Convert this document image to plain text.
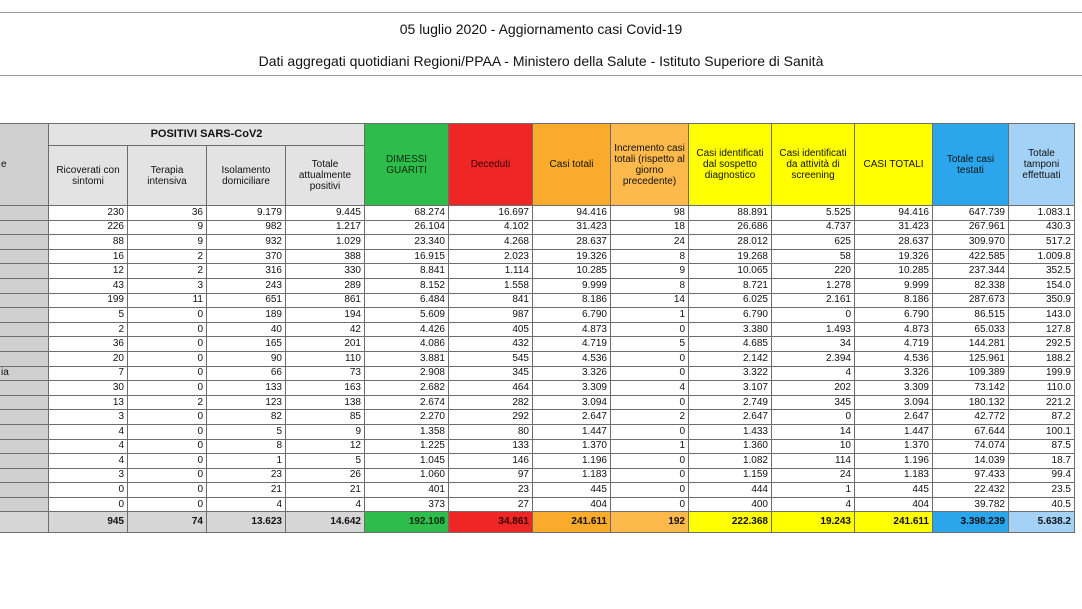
05 luglio 2020 - Aggiornamento casi Covid-19
Dati aggregati quotidiani Regioni/PPAA - Ministero della Salute - Istituto Superiore di Sanità
e	POSITIVI SARS-CoV2				DIMESSI GUARITI	Deceduti	Casi totali	Incremento casi totali (rispetto al giorno precedente)	Casi identificati dal sospetto diagnostico	Casi identificati da attività di screening	CASI TOTALI	Totale casi testati	Totale tamponi effettuati
	Ricoverati con sintomi	Terapia intensiva	Isolamento domiciliare	Totale attualmente positivi									
	230	36	9.179	9.445	68.274	16.697	94.416	98	88.891	5.525	94.416	647.739	1.083.1
	226	9	982	1.217	26.104	4.102	31.423	18	26.686	4.737	31.423	267.961	430.3
	88	9	932	1.029	23.340	4.268	28.637	24	28.012	625	28.637	309.970	517.2
	16	2	370	388	16.915	2.023	19.326	8	19.268	58	19.326	422.585	1.009.8
	12	2	316	330	8.841	1.114	10.285	9	10.065	220	10.285	237.344	352.5
	43	3	243	289	8.152	1.558	9.999	8	8.721	1.278	9.999	82.338	154.0
	199	11	651	861	6.484	841	8.186	14	6.025	2.161	8.186	287.673	350.9
	5	0	189	194	5.609	987	6.790	1	6.790	0	6.790	86.515	143.0
	2	0	40	42	4.426	405	4.873	0	3.380	1.493	4.873	65.033	127.8
	36	0	165	201	4.086	432	4.719	5	4.685	34	4.719	144.281	292.5
	20	0	90	110	3.881	545	4.536	0	2.142	2.394	4.536	125.961	188.2
ia	7	0	66	73	2.908	345	3.326	0	3.322	4	3.326	109.389	199.9
	30	0	133	163	2.682	464	3.309	4	3.107	202	3.309	73.142	110.0
	13	2	123	138	2.674	282	3.094	0	2.749	345	3.094	180.132	221.2
	3	0	82	85	2.270	292	2.647	2	2.647	0	2.647	42.772	87.2
	4	0	5	9	1.358	80	1.447	0	1.433	14	1.447	67.644	100.1
	4	0	8	12	1.225	133	1.370	1	1.360	10	1.370	74.074	87.5
	4	0	1	5	1.045	146	1.196	0	1.082	114	1.196	14.039	18.7
	3	0	23	26	1.060	97	1.183	0	1.159	24	1.183	97.433	99.4
	0	0	21	21	401	23	445	0	444	1	445	22.432	23.5
	0	0	4	4	373	27	404	0	400	4	404	39.782	40.5
	945	74	13.623	14.642	192.108	34.861	241.611	192	222.368	19.243	241.611	3.398.239	5.638.2
